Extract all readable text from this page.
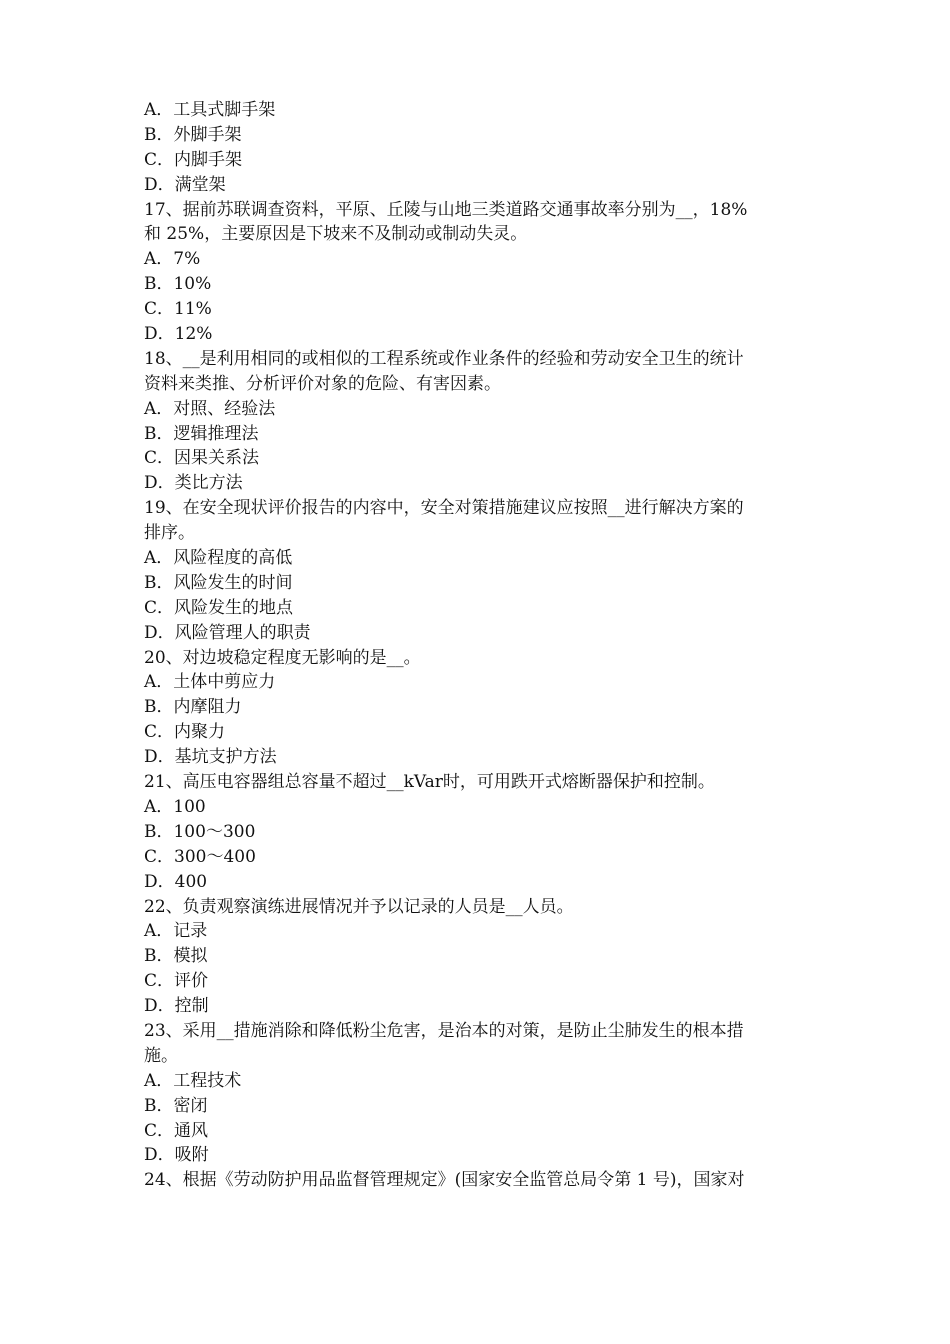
A．工具式脚手架
B．外脚手架
C．内脚手架
D．满堂架
17、据前苏联调查资料，平原、丘陵与山地三类道路交通事故率分别为__，18%
和 25%，主要原因是下坡来不及制动或制动失灵。
A．7%
B．10%
C．11%
D．12%
18、__是利用相同的或相似的工程系统或作业条件的经验和劳动安全卫生的统计
资料来类推、分析评价对象的危险、有害因素。
A．对照、经验法
B．逻辑推理法
C．因果关系法
D．类比方法
19、在安全现状评价报告的内容中，安全对策措施建议应按照__进行解决方案的
排序。
A．风险程度的高低
B．风险发生的时间
C．风险发生的地点
D．风险管理人的职责
20、对边坡稳定程度无影响的是__。
A．土体中剪应力
B．内摩阻力
C．内聚力
D．基坑支护方法
21、高压电容器组总容量不超过__kVar时，可用跌开式熔断器保护和控制。
A．100
B．100～300
C．300～400
D．400
22、负责观察演练进展情况并予以记录的人员是__人员。
A．记录
B．模拟
C．评价
D．控制
23、采用__措施消除和降低粉尘危害，是治本的对策，是防止尘肺发生的根本措
施。
A．工程技术
B．密闭
C．通风
D．吸附
24、根据《劳动防护用品监督管理规定》(国家安全监管总局令第 1 号)，国家对
